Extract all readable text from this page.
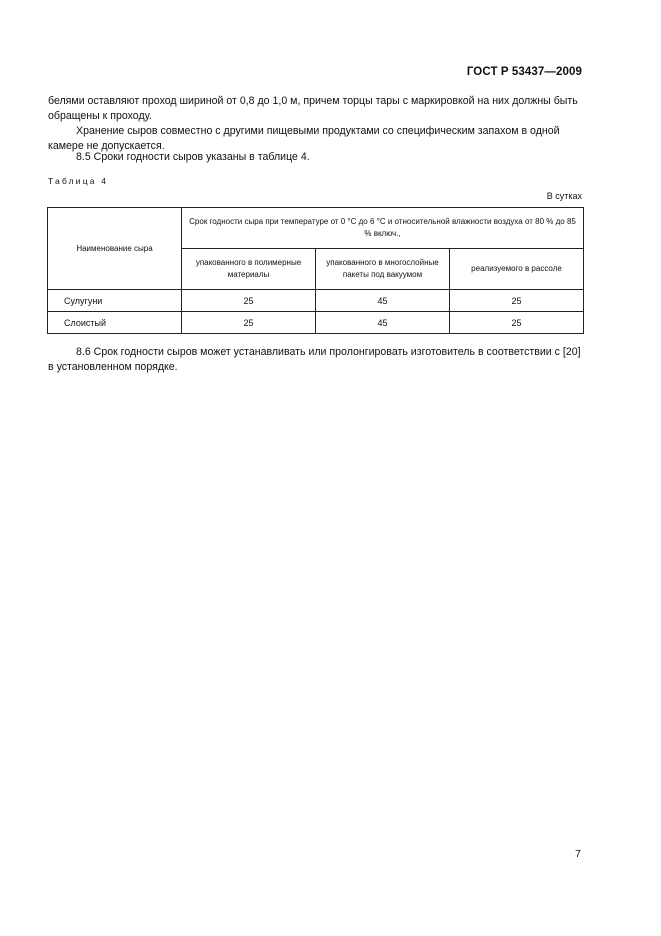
ГОСТ Р 53437—2009

белями оставляют проход шириной от 0,8 до 1,0 м, причем торцы тары с маркировкой на них должны быть обращены к проходу.

Хранение сыров совместно с другими пищевыми продуктами со специфическим запахом в одной камере не допускается.

8.5 Сроки годности сыров указаны в таблице 4.

Таблица 4
В сутках
Наименование сыра	Срок годности сыра при температуре от 0 °С до 6 °С и относительной влажности воздуха от 80 % до 85 % включ.,		
	упакованного в полимерные материалы	упакованного в многослойные пакеты под вакуумом	реализуемого в рассоле
Сулугуни	25	45	25
Слоистый	25	45	25

8.6 Срок годности сыров может устанавливать или пролонгировать изготовитель в соответствии с [20] в установленном порядке.

7
